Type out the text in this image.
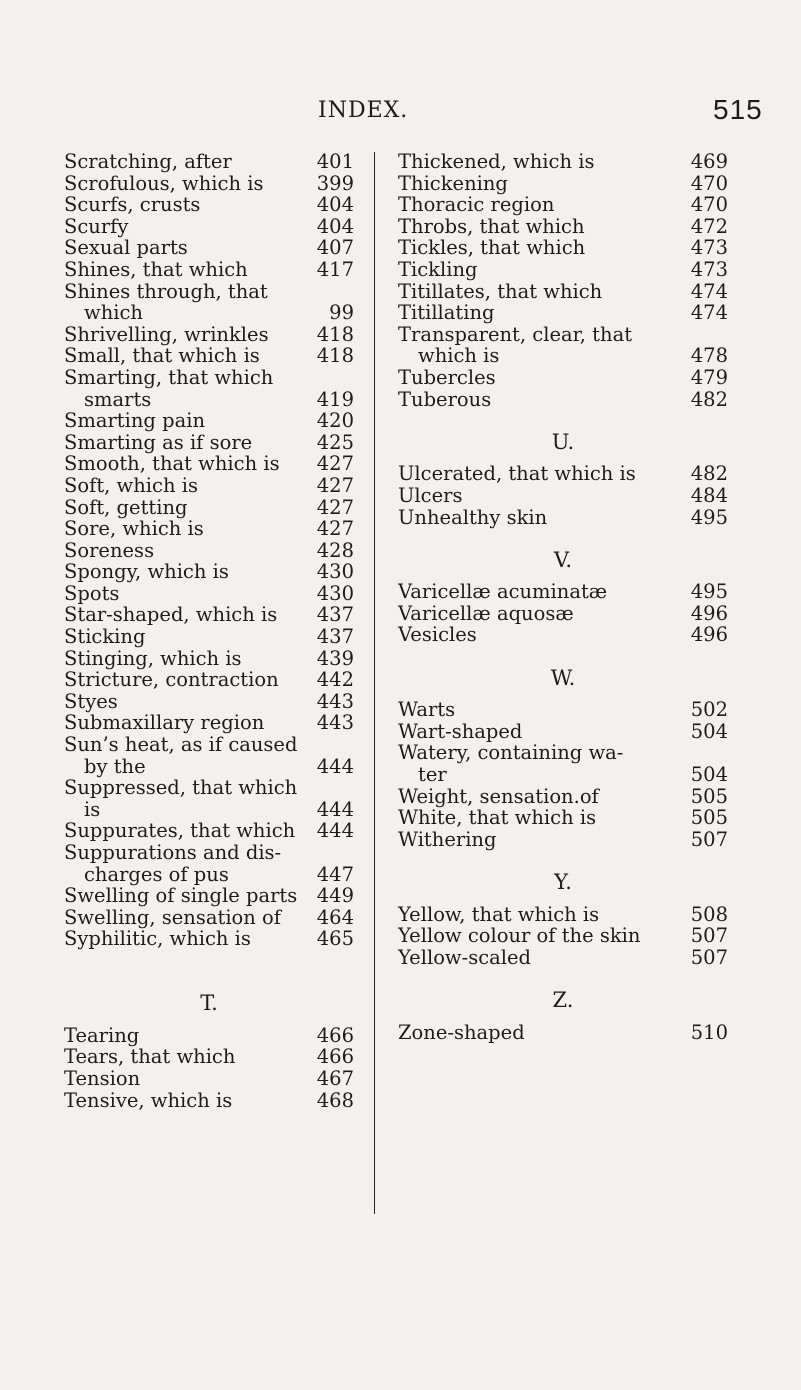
INDEX.	515
Scratching, after	401
Scrofulous, which is	399
Scurfs, crusts	404
Scurfy	404
Sexual parts	407
Shines, that which	417
Shines through, that
which	99
Shrivelling, wrinkles 418
Small, that which is	418
Smarting, that which
smarts	419
Smarting pain	420
Smarting as if sore	425
Smooth, that which is 427
Soft, which is	427
Soft, getting	427
Sore, which is	427
Soreness	428
Spongy, which is	430
Spots	430
Star-shaped, which is 437
Sticking	437
Stinging, which is	439
Stricture, contraction 442
Styes	443
Submaxillary region	443
Sun’s heat, as if caused
by the	444
Suppressed, that which
is	444
Suppurates, that which 444
Suppurations and dis-
charges of pus	447
Swelling of single parts 449
Swelling, sensation of 464
Syphilitic, which is	465
T.
Tearing	466
Tears, that which	466
Tension	467
Tensive, which is	468
Thickened, which is	469
Thickening	470
Thoracic region	470
Throbs, that which	472
Tickles, that which	473
Tickling	473
Titillates, that which	474
Titillating	474
Transparent, clear, that
which is	478
Tubercles	479
Tuberous	482
U.
Ulcerated, that which is	482
Ulcers	484
Unhealthy skin	495
V.
Varicellæ acuminatæ	495
Varicellæ aquosæ	496
Vesicles	496
W.
Warts	502
Wart-shaped	504
Watery, containing wa-
ter	504
Weight, sensation.of	505
White, that which is	505
Withering	507
Y.
Yellow, that which is	508
Yellow colour of the skin	507
Yellow-scaled	507
Z.
Zone-shaped	510
